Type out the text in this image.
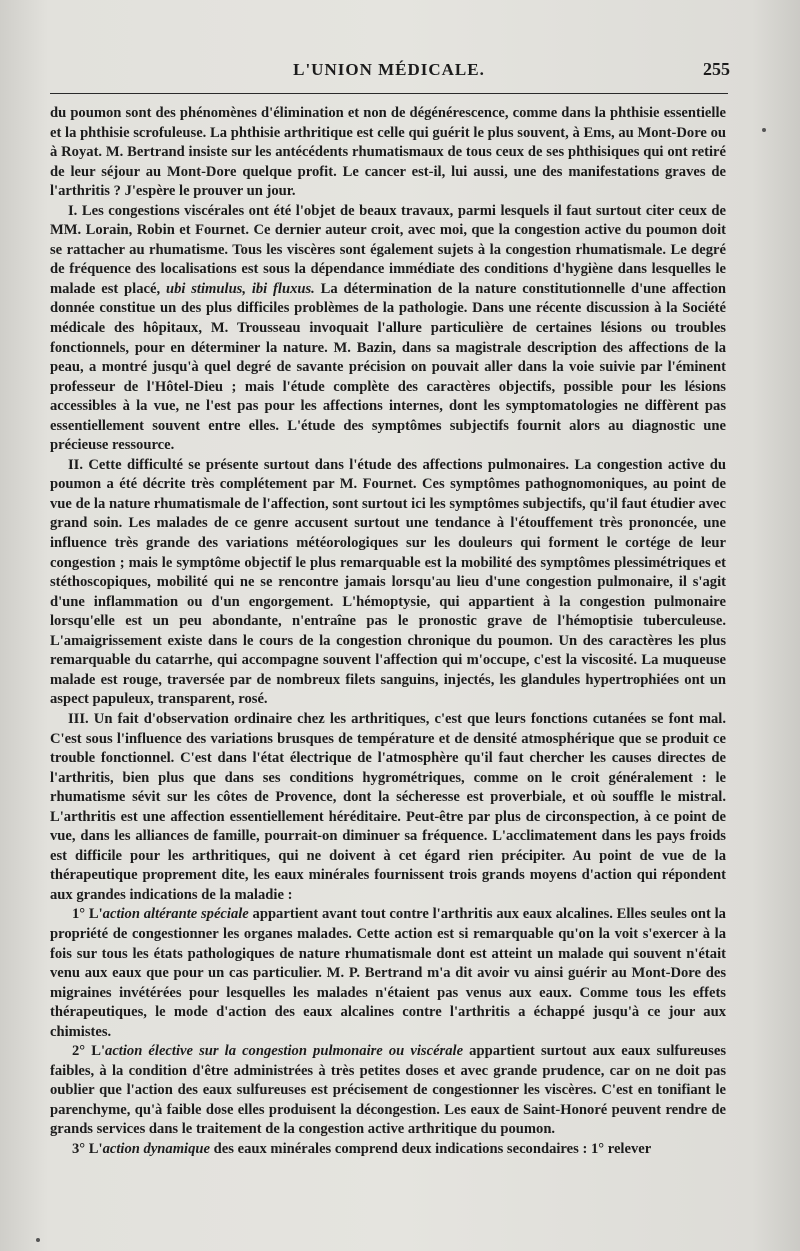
L'UNION MÉDICALE.	255

du poumon sont des phénomènes d'élimination et non de dégénérescence, comme dans la phthisie essentielle et la phthisie scrofuleuse. La phthisie arthritique est celle qui guérit le plus souvent, à Ems, au Mont-Dore ou à Royat. M. Bertrand insiste sur les antécédents rhumatismaux de tous ceux de ses phthisiques qui ont retiré de leur séjour au Mont-Dore quelque profit. Le cancer est-il, lui aussi, une des manifestations graves de l'arthritis ? J'espère le prouver un jour.

I. Les congestions viscérales ont été l'objet de beaux travaux, parmi lesquels il faut surtout citer ceux de MM. Lorain, Robin et Fournet. Ce dernier auteur croit, avec moi, que la congestion active du poumon doit se rattacher au rhumatisme. Tous les viscères sont également sujets à la congestion rhumatismale. Le degré de fréquence des localisations est sous la dépendance immédiate des conditions d'hygiène dans lesquelles le malade est placé, ubi stimulus, ibi fluxus. La détermination de la nature constitutionnelle d'une affection donnée constitue un des plus difficiles problèmes de la pathologie. Dans une récente discussion à la Société médicale des hôpitaux, M. Trousseau invoquait l'allure particulière de certaines lésions ou troubles fonctionnels, pour en déterminer la nature. M. Bazin, dans sa magistrale description des affections de la peau, a montré jusqu'à quel degré de savante précision on pouvait aller dans la voie suivie par l'éminent professeur de l'Hôtel-Dieu ; mais l'étude complète des caractères objectifs, possible pour les lésions accessibles à la vue, ne l'est pas pour les affections internes, dont les symptomatologies ne diffèrent pas essentiellement souvent entre elles. L'étude des symptômes subjectifs fournit alors au diagnostic une précieuse ressource.

II. Cette difficulté se présente surtout dans l'étude des affections pulmonaires. La congestion active du poumon a été décrite très complétement par M. Fournet. Ces symptômes pathognomoniques, au point de vue de la nature rhumatismale de l'affection, sont surtout ici les symptômes subjectifs, qu'il faut étudier avec grand soin. Les malades de ce genre accusent surtout une tendance à l'étouffement très prononcée, une influence très grande des variations météorologiques sur les douleurs qui forment le cortége de leur congestion ; mais le symptôme objectif le plus remarquable est la mobilité des symptômes plessimétriques et stéthoscopiques, mobilité qui ne se rencontre jamais lorsqu'au lieu d'une congestion pulmonaire, il s'agit d'une inflammation ou d'un engorgement. L'hémoptysie, qui appartient à la congestion pulmonaire lorsqu'elle est un peu abondante, n'entraîne pas le pronostic grave de l'hémoptisie tuberculeuse. L'amaigrissement existe dans le cours de la congestion chronique du poumon. Un des caractères les plus remarquable du catarrhe, qui accompagne souvent l'affection qui m'occupe, c'est la viscosité. La muqueuse malade est rouge, traversée par de nombreux filets sanguins, injectés, les glandules hypertrophiées ont un aspect papuleux, transparent, rosé.

III. Un fait d'observation ordinaire chez les arthritiques, c'est que leurs fonctions cutanées se font mal. C'est sous l'influence des variations brusques de température et de densité atmosphérique que se produit ce trouble fonctionnel. C'est dans l'état électrique de l'atmosphère qu'il faut chercher les causes directes de l'arthritis, bien plus que dans ses conditions hygrométriques, comme on le croit généralement : le rhumatisme sévit sur les côtes de Provence, dont la sécheresse est proverbiale, et où souffle le mistral. L'arthritis est une affection essentiellement héréditaire. Peut-être par plus de circonspection, à ce point de vue, dans les alliances de famille, pourrait-on diminuer sa fréquence. L'acclimatement dans les pays froids est difficile pour les arthritiques, qui ne doivent à cet égard rien précipiter. Au point de vue de la thérapeutique proprement dite, les eaux minérales fournissent trois grands moyens d'action qui répondent aux grandes indications de la maladie :

1° L'action altérante spéciale appartient avant tout contre l'arthritis aux eaux alcalines. Elles seules ont la propriété de congestionner les organes malades. Cette action est si remarquable qu'on la voit s'exercer à la fois sur tous les états pathologiques de nature rhumatismale dont est atteint un malade qui souvent n'était venu aux eaux que pour un cas particulier. M. P. Bertrand m'a dit avoir vu ainsi guérir au Mont-Dore des migraines invétérées pour lesquelles les malades n'étaient pas venus aux eaux. Comme tous les effets thérapeutiques, le mode d'action des eaux alcalines contre l'arthritis a échappé jusqu'à ce jour aux chimistes.

2° L'action élective sur la congestion pulmonaire ou viscérale appartient surtout aux eaux sulfureuses faibles, à la condition d'être administrées à très petites doses et avec grande prudence, car on ne doit pas oublier que l'action des eaux sulfureuses est précisement de congestionner les viscères. C'est en tonifiant le parenchyme, qu'à faible dose elles produisent la décongestion. Les eaux de Saint-Honoré peuvent rendre de grands services dans le traitement de la congestion active arthritique du poumon.

3° L'action dynamique des eaux minérales comprend deux indications secondaires : 1° relever
